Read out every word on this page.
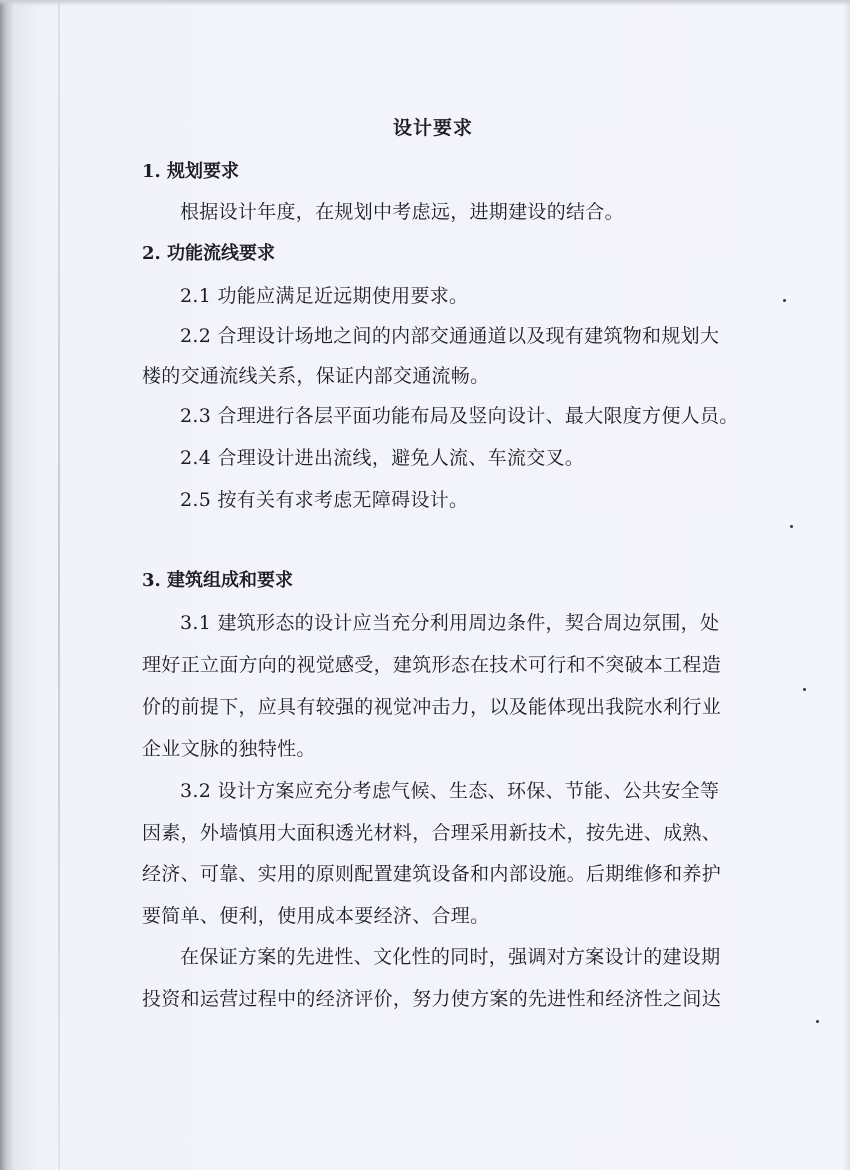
设计要求
1. 规划要求
根据设计年度，在规划中考虑远，进期建设的结合。
2. 功能流线要求
2.1 功能应满足近远期使用要求。
2.2 合理设计场地之间的内部交通通道以及现有建筑物和规划大
楼的交通流线关系，保证内部交通流畅。
2.3 合理进行各层平面功能布局及竖向设计、最大限度方便人员。
2.4 合理设计进出流线，避免人流、车流交叉。
2.5 按有关有求考虑无障碍设计。
3. 建筑组成和要求
3.1 建筑形态的设计应当充分利用周边条件，契合周边氛围，处
理好正立面方向的视觉感受，建筑形态在技术可行和不突破本工程造
价的前提下，应具有较强的视觉冲击力，以及能体现出我院水利行业
企业文脉的独特性。
3.2 设计方案应充分考虑气候、生态、环保、节能、公共安全等
因素，外墙慎用大面积透光材料，合理采用新技术，按先进、成熟、
经济、可靠、实用的原则配置建筑设备和内部设施。后期维修和养护
要简单、便利，使用成本要经济、合理。
在保证方案的先进性、文化性的同时，强调对方案设计的建设期
投资和运营过程中的经济评价，努力使方案的先进性和经济性之间达
